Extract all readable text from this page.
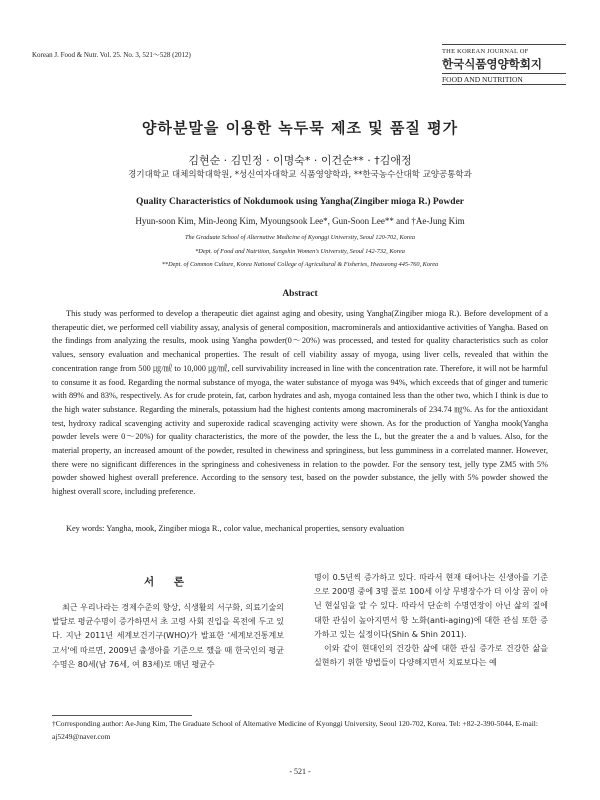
Korean J. Food & Nutr. Vol. 25. No. 3, 521～528 (2012)	THE KOREAN JOURNAL OF
한국식품영양학회지
FOOD AND NUTRITION
양하분말을 이용한 녹두묵 제조 및 품질 평가
김현순 · 김민정 · 이명숙* · 이건순** · †김애정
경기대학교 대체의학대학원, *성신여자대학교 식품영양학과, **한국농수산대학 교양공통학과
Quality Characteristics of Nokdumook using Yangha(Zingiber mioga R.) Powder
Hyun-soon Kim, Min-Jeong Kim, Myoungsook Lee*, Gun-Soon Lee** and †Ae-Jung Kim
The Graduate School of Alternative Medicine of Kyonggi University, Seoul 120-702, Korea
*Dept. of Food and Nutrition, Sungshin Women's University, Seoul 142-732, Korea
**Dept. of Common Culture, Korea National College of Agricultural & Fisheries, Hwaseong 445-760, Korea
Abstract
This study was performed to develop a therapeutic diet against aging and obesity, using Yangha(Zingiber mioga R.). Before development of a therapeutic diet, we performed cell viability assay, analysis of general composition, macrominerals and antioxidantive activities of Yangha. Based on the findings from analyzing the results, mook using Yangha powder(0～20%) was processed, and tested for quality characteristics such as color values, sensory evaluation and mechanical properties. The result of cell viability assay of myoga, using liver cells, revealed that within the concentration range from 500 ㎍/㎖ to 10,000 ㎍/㎖, cell survivability increased in line with the concentration rate. Therefore, it will not be harmful to consume it as food. Regarding the normal substance of myoga, the water substance of myoga was 94%, which exceeds that of ginger and tumeric with 89% and 83%, respectively. As for crude protein, fat, carbon hydrates and ash, myoga contained less than the other two, which I think is due to the high water substance. Regarding the minerals, potassium had the highest contents among macrominerals of 234.74 ㎎%. As for the antioxidant test, hydroxy radical scavenging activity and superoxide radical scavenging activity were shown. As for the production of Yangha mook(Yangha powder levels were 0～20%) for quality characteristics, the more of the powder, the less the L, but the greater the a and b values. Also, for the material property, an increased amount of the powder, resulted in chewiness and springiness, but less gumminess in a correlated manner. However, there were no significant differences in the springiness and cohesiveness in relation to the powder. For the sensory test, jelly type ZM5 with 5% powder showed highest overall preference. According to the sensory test, based on the powder substance, the jelly with 5% powder showed the highest overall score, including preference.
Key words: Yangha, mook, Zingiber mioga R., color value, mechanical properties, sensory evaluation
서 론
최근 우리나라는 경제수준의 향상, 식생활의 서구화, 의료기술의 발달로 평균수명이 증가하면서 초 고령 사회 진입을 목전에 두고 있다. 지난 2011년 세계보건기구(WHO)가 발표한 '세계보건통계보고서'에 따르면, 2009년 출생아를 기준으로 했을 때 한국인의 평균수명은 80세(남 76세, 여 83세)로 매년 평균수

명이 0.5년씩 증가하고 있다. 따라서 현재 태어나는 신생아를 기준으로 200명 중에 3명 꼴로 100세 이상 무병장수가 더 이상 꿈이 아닌 현실임을 알 수 있다. 따라서 단순히 수명연장이 아닌 삶의 질에 대한 관심이 높아지면서 항 노화(anti-aging)에 대한 관심 또한 증가하고 있는 실정이다(Shin & Shin 2011).

이와 같이 현대인의 건강한 삶에 대한 관심 증가로 건강한 삶을 실현하기 위한 방법들이 다양해지면서 치료보다는 예

†Corresponding author: Ae-Jung Kim, The Graduate School of Alternative Medicine of Kyonggi University, Seoul 120-702, Korea. Tel: +82-2-390-5044, E-mail: aj5249@naver.com
- 521 -
